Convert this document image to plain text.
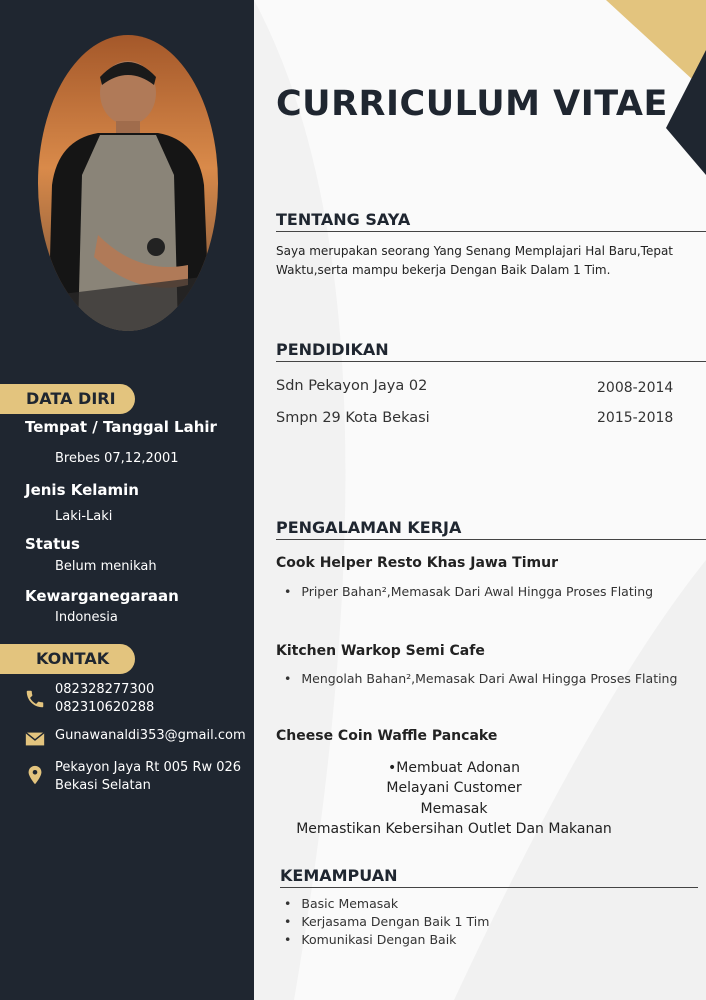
DATA DIRI
Tempat / Tanggal Lahir
Brebes 07,12,2001
Jenis Kelamin
Laki-Laki
Status
Belum menikah
Kewarganegaraan
Indonesia
KONTAK
082328277300
082310620288
Gunawanaldi353@gmail.com
Pekayon Jaya Rt 005 Rw 026
Bekasi Selatan
CURRICULUM VITAE
TENTANG SAYA
Saya merupakan seorang Yang Senang Memplajari Hal Baru,Tepat
Waktu,serta mampu bekerja Dengan Baik Dalam 1 Tim.
PENDIDIKAN
Sdn Pekayon Jaya 02	2008-2014
Smpn 29 Kota Bekasi	2015-2018
PENGALAMAN KERJA
Cook Helper Resto Khas Jawa Timur
• Priper Bahan²,Memasak Dari Awal Hingga Proses Flating
Kitchen Warkop Semi Cafe
• Mengolah Bahan²,Memasak Dari Awal Hingga Proses Flating
Cheese Coin Waffle Pancake
•Membuat Adonan
Melayani Customer
Memasak
Memastikan Kebersihan Outlet Dan Makanan
KEMAMPUAN
• Basic Memasak
• Kerjasama Dengan Baik 1 Tim
• Komunikasi Dengan Baik
